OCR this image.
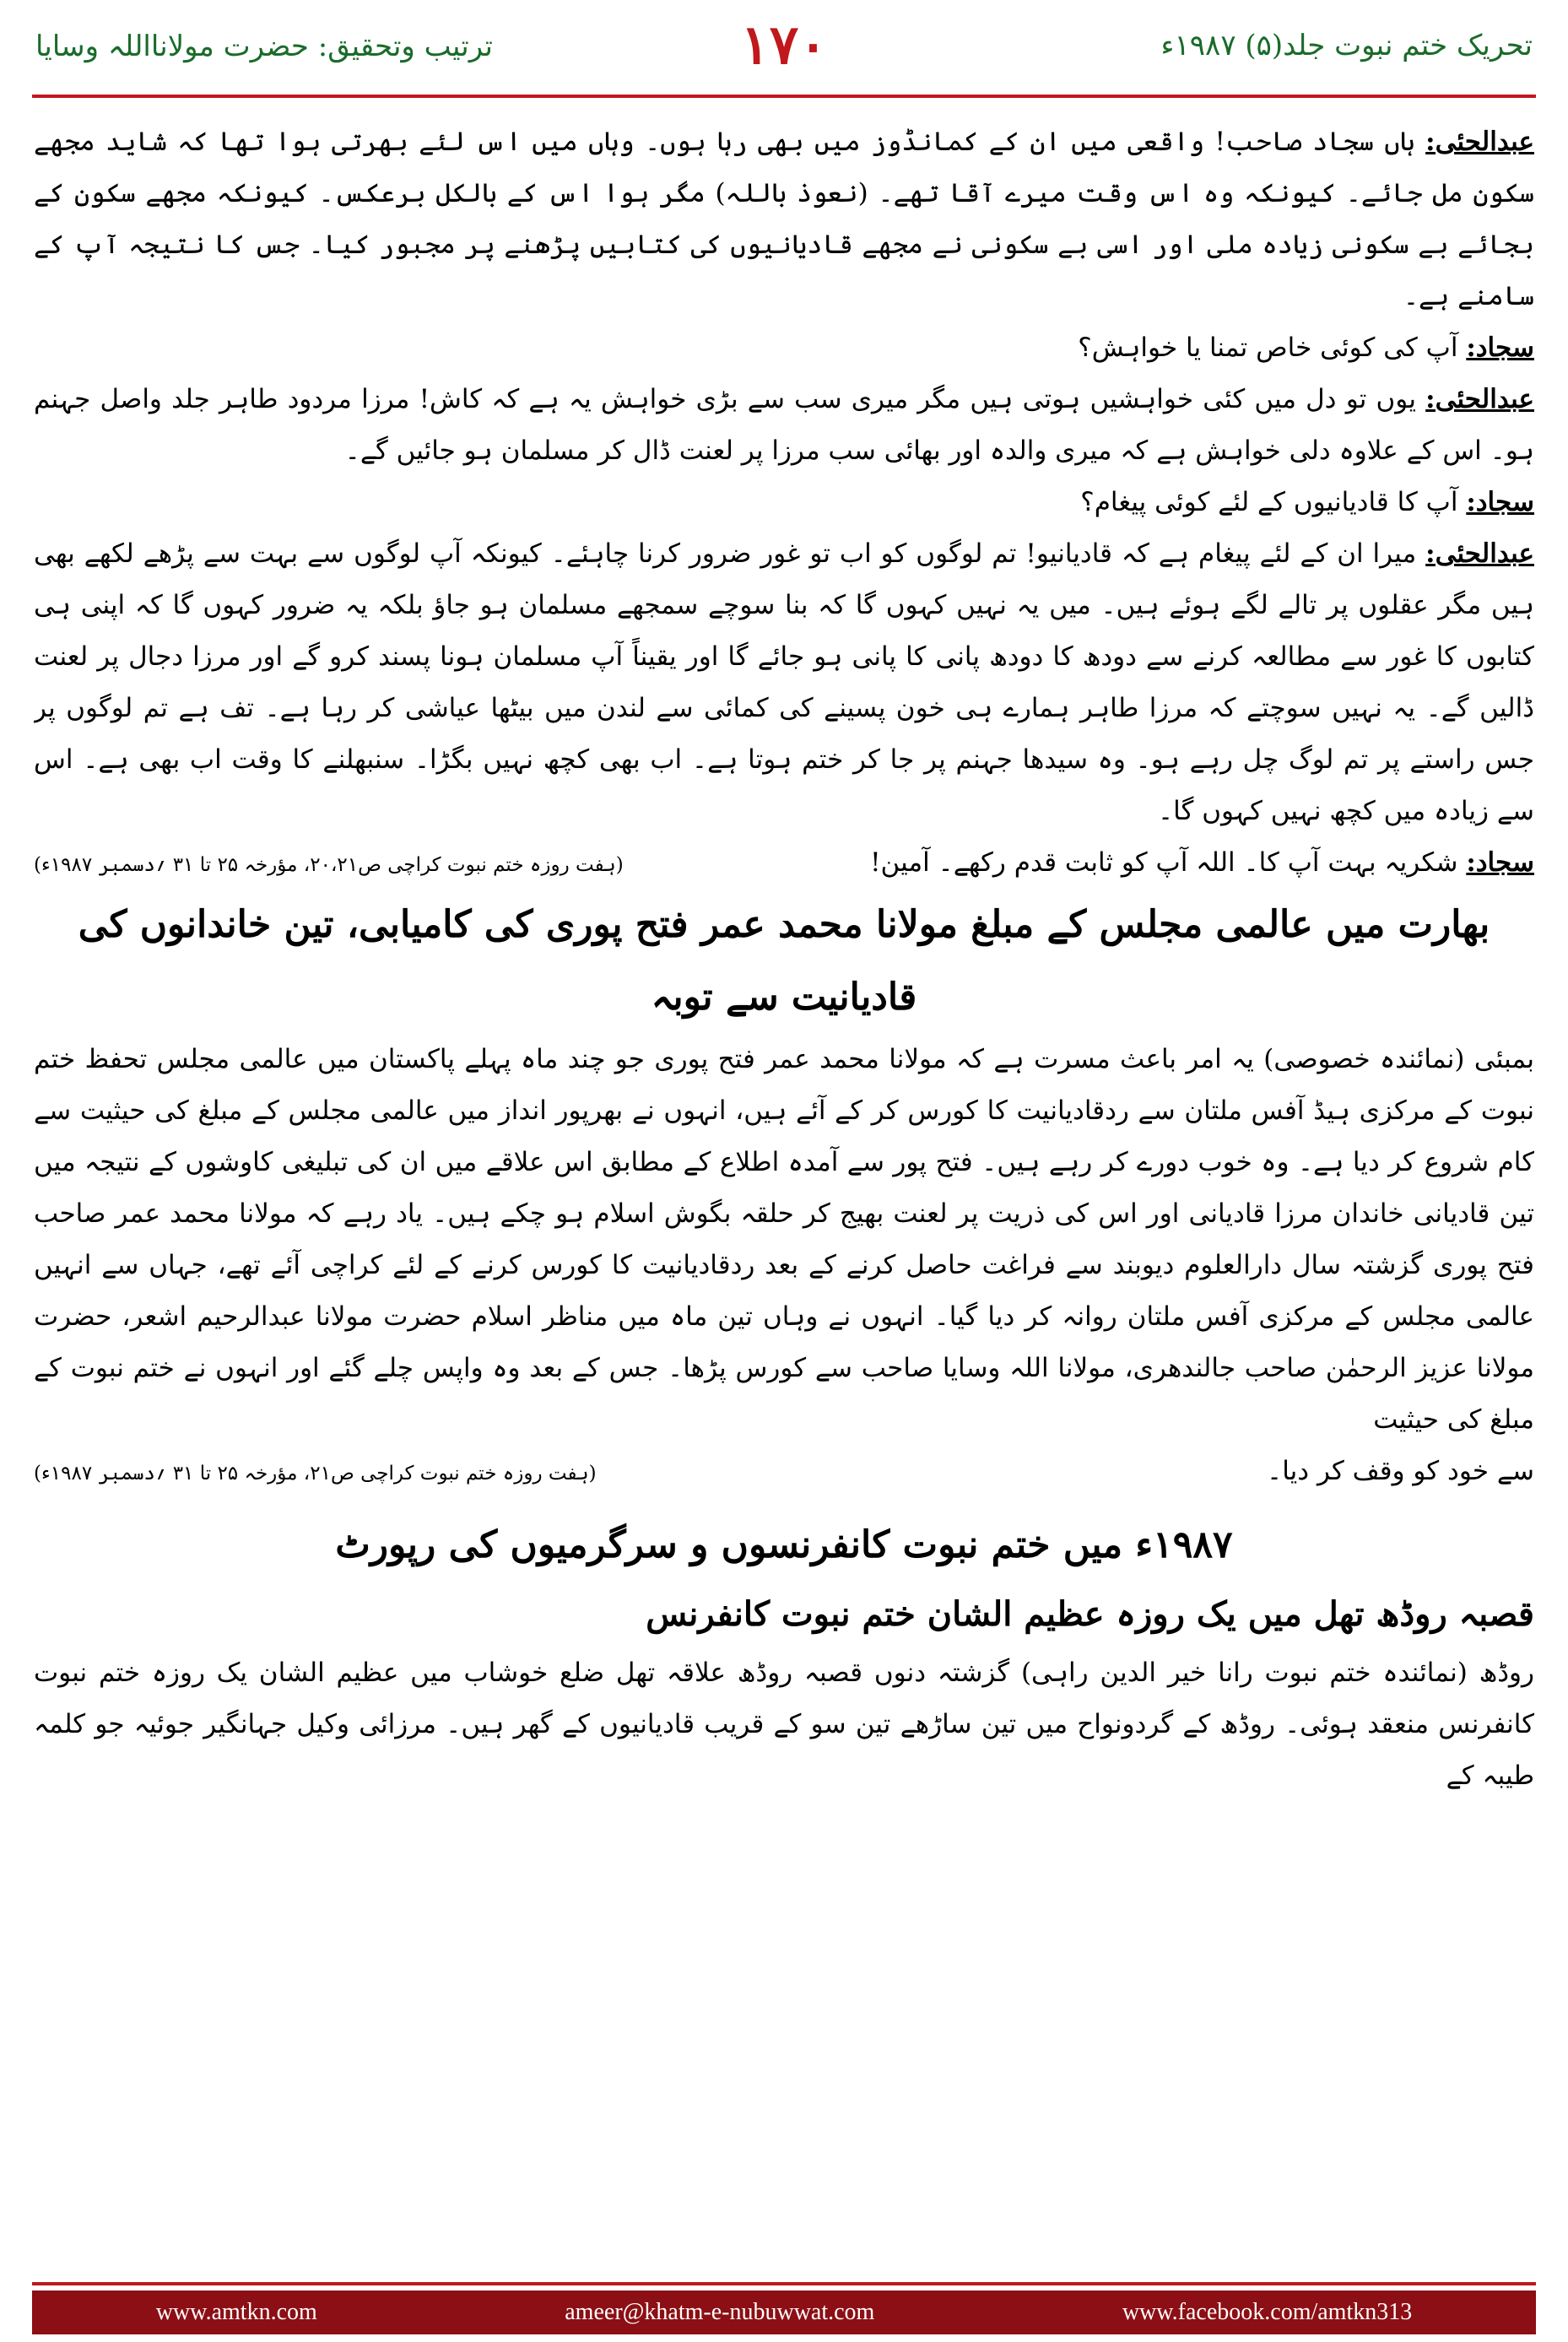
تحریک ختم نبوت جلد(۵) ۱۹۸۷ء
۱۷۰
ترتیب وتحقیق: حضرت مولانااللہ وسایا

عبدالحئی: ہاں سجاد صاحب! واقعی میں ان کے کمانڈوز میں بھی رہا ہوں۔ وہاں میں اس لئے بھرتی ہوا تھا کہ شاید مجھے سکون مل جائے۔ کیونکہ وہ اس وقت میرے آقا تھے۔ (نعوذ باللہ) مگر ہوا اس کے بالکل برعکس۔ کیونکہ مجھے سکون کے بجائے بے سکونی زیادہ ملی اور اسی بے سکونی نے مجھے قادیانیوں کی کتابیں پڑھنے پر مجبور کیا۔ جس کا نتیجہ آپ کے سامنے ہے۔

سجاد: آپ کی کوئی خاص تمنا یا خواہش؟

عبدالحئی: یوں تو دل میں کئی خواہشیں ہوتی ہیں مگر میری سب سے بڑی خواہش یہ ہے کہ کاش! مرزا مردود طاہر جلد واصل جہنم ہو۔ اس کے علاوہ دلی خواہش ہے کہ میری والدہ اور بھائی سب مرزا پر لعنت ڈال کر مسلمان ہو جائیں گے۔

سجاد: آپ کا قادیانیوں کے لئے کوئی پیغام؟

عبدالحئی: میرا ان کے لئے پیغام ہے کہ قادیانیو! تم لوگوں کو اب تو غور ضرور کرنا چاہئے۔ کیونکہ آپ لوگوں سے بہت سے پڑھے لکھے بھی ہیں مگر عقلوں پر تالے لگے ہوئے ہیں۔ میں یہ نہیں کہوں گا کہ بنا سوچے سمجھے مسلمان ہو جاؤ بلکہ یہ ضرور کہوں گا کہ اپنی ہی کتابوں کا غور سے مطالعہ کرنے سے دودھ کا دودھ پانی کا پانی ہو جائے گا اور یقیناً آپ مسلمان ہونا پسند کرو گے اور مرزا دجال پر لعنت ڈالیں گے۔ یہ نہیں سوچتے کہ مرزا طاہر ہمارے ہی خون پسینے کی کمائی سے لندن میں بیٹھا عیاشی کر رہا ہے۔ تف ہے تم لوگوں پر جس راستے پر تم لوگ چل رہے ہو۔ وہ سیدھا جہنم پر جا کر ختم ہوتا ہے۔ اب بھی کچھ نہیں بگڑا۔ سنبھلنے کا وقت اب بھی ہے۔ اس سے زیادہ میں کچھ نہیں کہوں گا۔

سجاد: شکریہ بہت آپ کا۔ اللہ آپ کو ثابت قدم رکھے۔ آمین!

(ہفت روزہ ختم نبوت کراچی ص۲۰،۲۱، مؤرخہ ۲۵ تا ۳۱ ؍دسمبر ۱۹۸۷ء)
بھارت میں عالمی مجلس کے مبلغ مولانا محمد عمر فتح پوری کی کامیابی، تین خاندانوں کی قادیانیت سے توبہ

بمبئی (نمائندہ خصوصی) یہ امر باعث مسرت ہے کہ مولانا محمد عمر فتح پوری جو چند ماہ پہلے پاکستان میں عالمی مجلس تحفظ ختم نبوت کے مرکزی ہیڈ آفس ملتان سے ردقادیانیت کا کورس کر کے آئے ہیں، انہوں نے بھرپور انداز میں عالمی مجلس کے مبلغ کی حیثیت سے کام شروع کر دیا ہے۔ وہ خوب دورے کر رہے ہیں۔ فتح پور سے آمدہ اطلاع کے مطابق اس علاقے میں ان کی تبلیغی کاوشوں کے نتیجہ میں تین قادیانی خاندان مرزا قادیانی اور اس کی ذریت پر لعنت بھیج کر حلقہ بگوش اسلام ہو چکے ہیں۔ یاد رہے کہ مولانا محمد عمر صاحب فتح پوری گزشتہ سال دارالعلوم دیوبند سے فراغت حاصل کرنے کے بعد ردقادیانیت کا کورس کرنے کے لئے کراچی آئے تھے، جہاں سے انہیں عالمی مجلس کے مرکزی آفس ملتان روانہ کر دیا گیا۔ انہوں نے وہاں تین ماہ میں مناظر اسلام حضرت مولانا عبدالرحیم اشعر، حضرت مولانا عزیز الرحمٰن صاحب جالندھری، مولانا اللہ وسایا صاحب سے کورس پڑھا۔ جس کے بعد وہ واپس چلے گئے اور انہوں نے ختم نبوت کے مبلغ کی حیثیت

سے خود کو وقف کر دیا۔
(ہفت روزہ ختم نبوت کراچی ص۲۱، مؤرخہ ۲۵ تا ۳۱ ؍دسمبر ۱۹۸۷ء)
۱۹۸۷ء میں ختم نبوت کانفرنسوں و سرگرمیوں کی رپورٹ
قصبہ روڈھ تھل میں یک روزہ عظیم الشان ختم نبوت کانفرنس

روڈھ (نمائندہ ختم نبوت رانا خیر الدین راہی) گزشتہ دنوں قصبہ روڈھ علاقہ تھل ضلع خوشاب میں عظیم الشان یک روزہ ختم نبوت کانفرنس منعقد ہوئی۔ روڈھ کے گردونواح میں تین ساڑھے تین سو کے قریب قادیانیوں کے گھر ہیں۔ مرزائی وکیل جہانگیر جوئیہ جو کلمہ طیبہ کے

www.amtkn.com	ameer@khatm-e-nubuwwat.com	www.facebook.com/amtkn313
